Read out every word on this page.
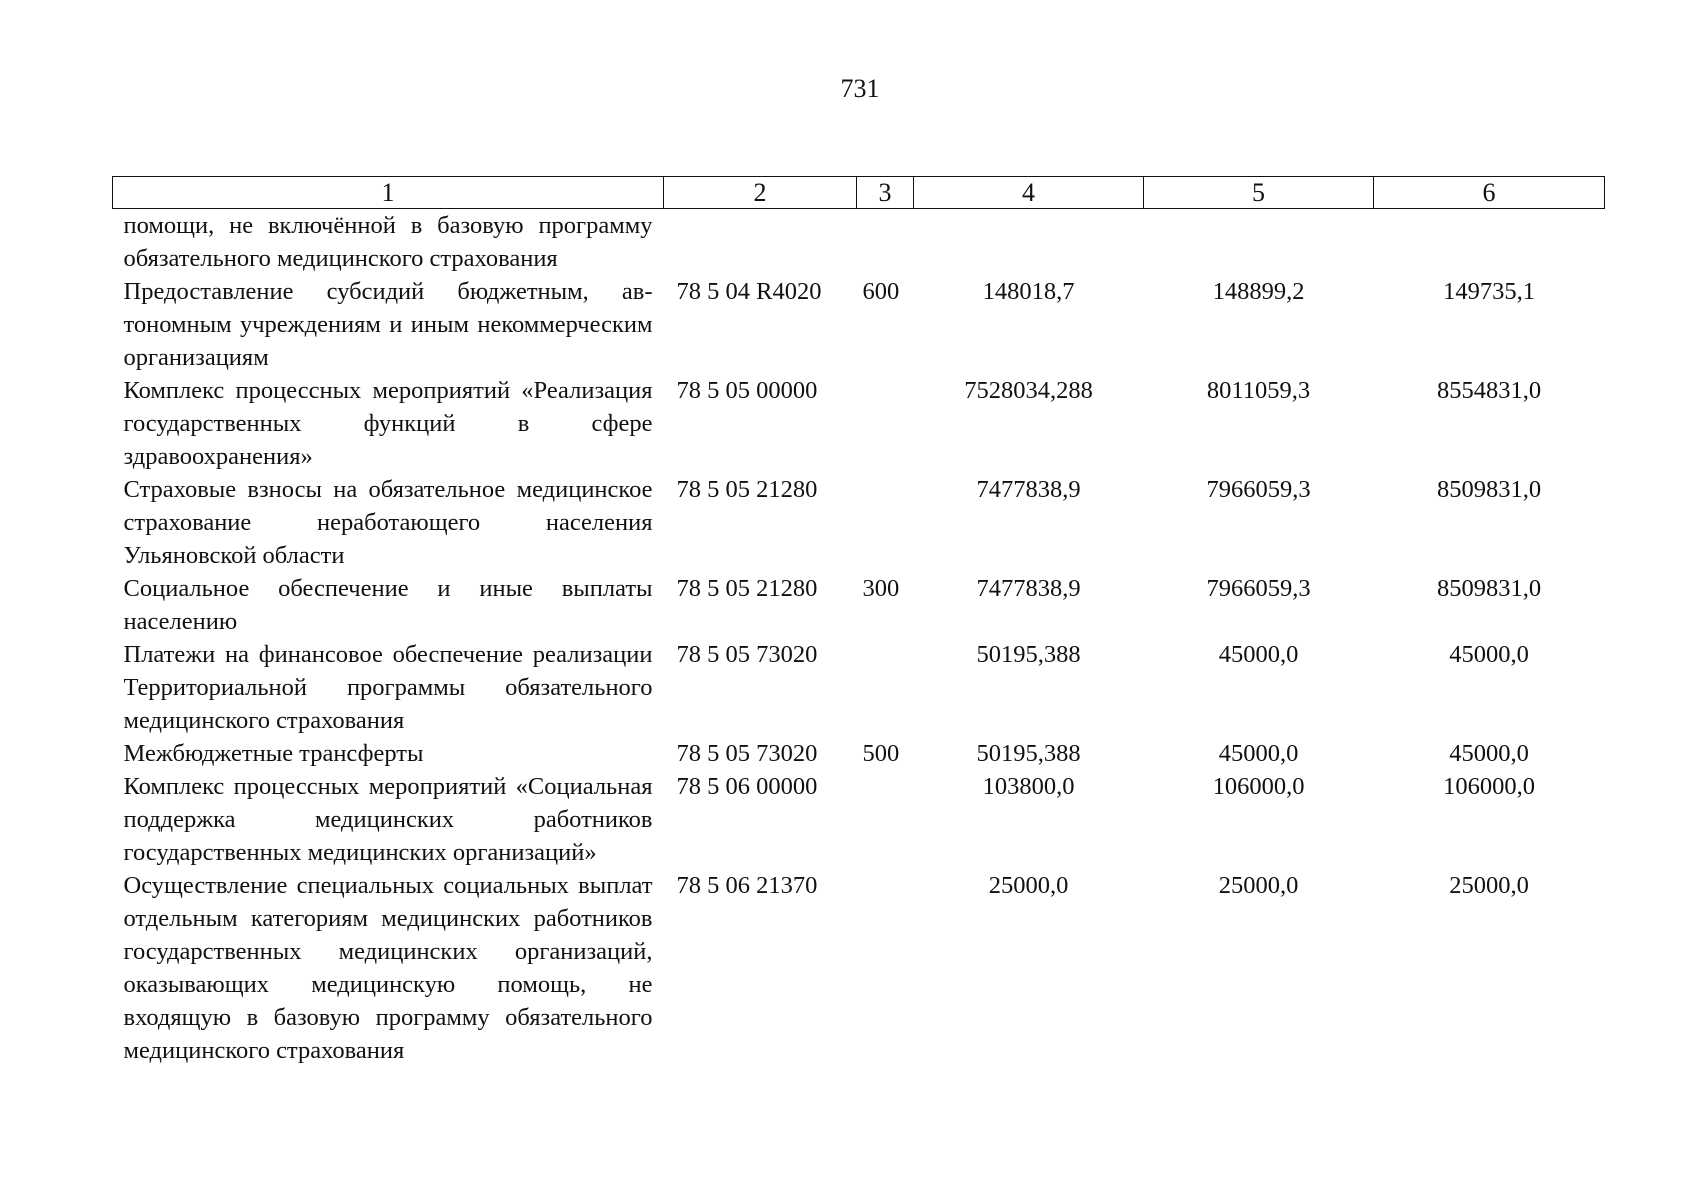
731
1	2	3	4	5	6
помощи, не включённой в базовую программу обязательного медицинского страхования					
Предоставление субсидий бюджетным, автономным учреждениям и иным некоммерческим организациям	78 5 04 R4020	600	148018,7	148899,2	149735,1
Комплекс процессных мероприятий «Реализация государственных функций в сфере здравоохранения»	78 5 05 00000		7528034,288	8011059,3	8554831,0
Страховые взносы на обязательное медицинское страхование неработающего населения Ульяновской области	78 5 05 21280		7477838,9	7966059,3	8509831,0
Социальное обеспечение и иные выплаты населению	78 5 05 21280	300	7477838,9	7966059,3	8509831,0
Платежи на финансовое обеспечение реализации Территориальной программы обязательного медицинского страхования	78 5 05 73020		50195,388	45000,0	45000,0
Межбюджетные трансферты	78 5 05 73020	500	50195,388	45000,0	45000,0
Комплекс процессных мероприятий «Социальная поддержка медицинских работников государственных медицинских организаций»	78 5 06 00000		103800,0	106000,0	106000,0
Осуществление специальных социальных выплат отдельным категориям медицинских работников государственных медицинских организаций, оказывающих медицинскую помощь, не входящую в базовую программу обязательного медицинского страхования	78 5 06 21370		25000,0	25000,0	25000,0
